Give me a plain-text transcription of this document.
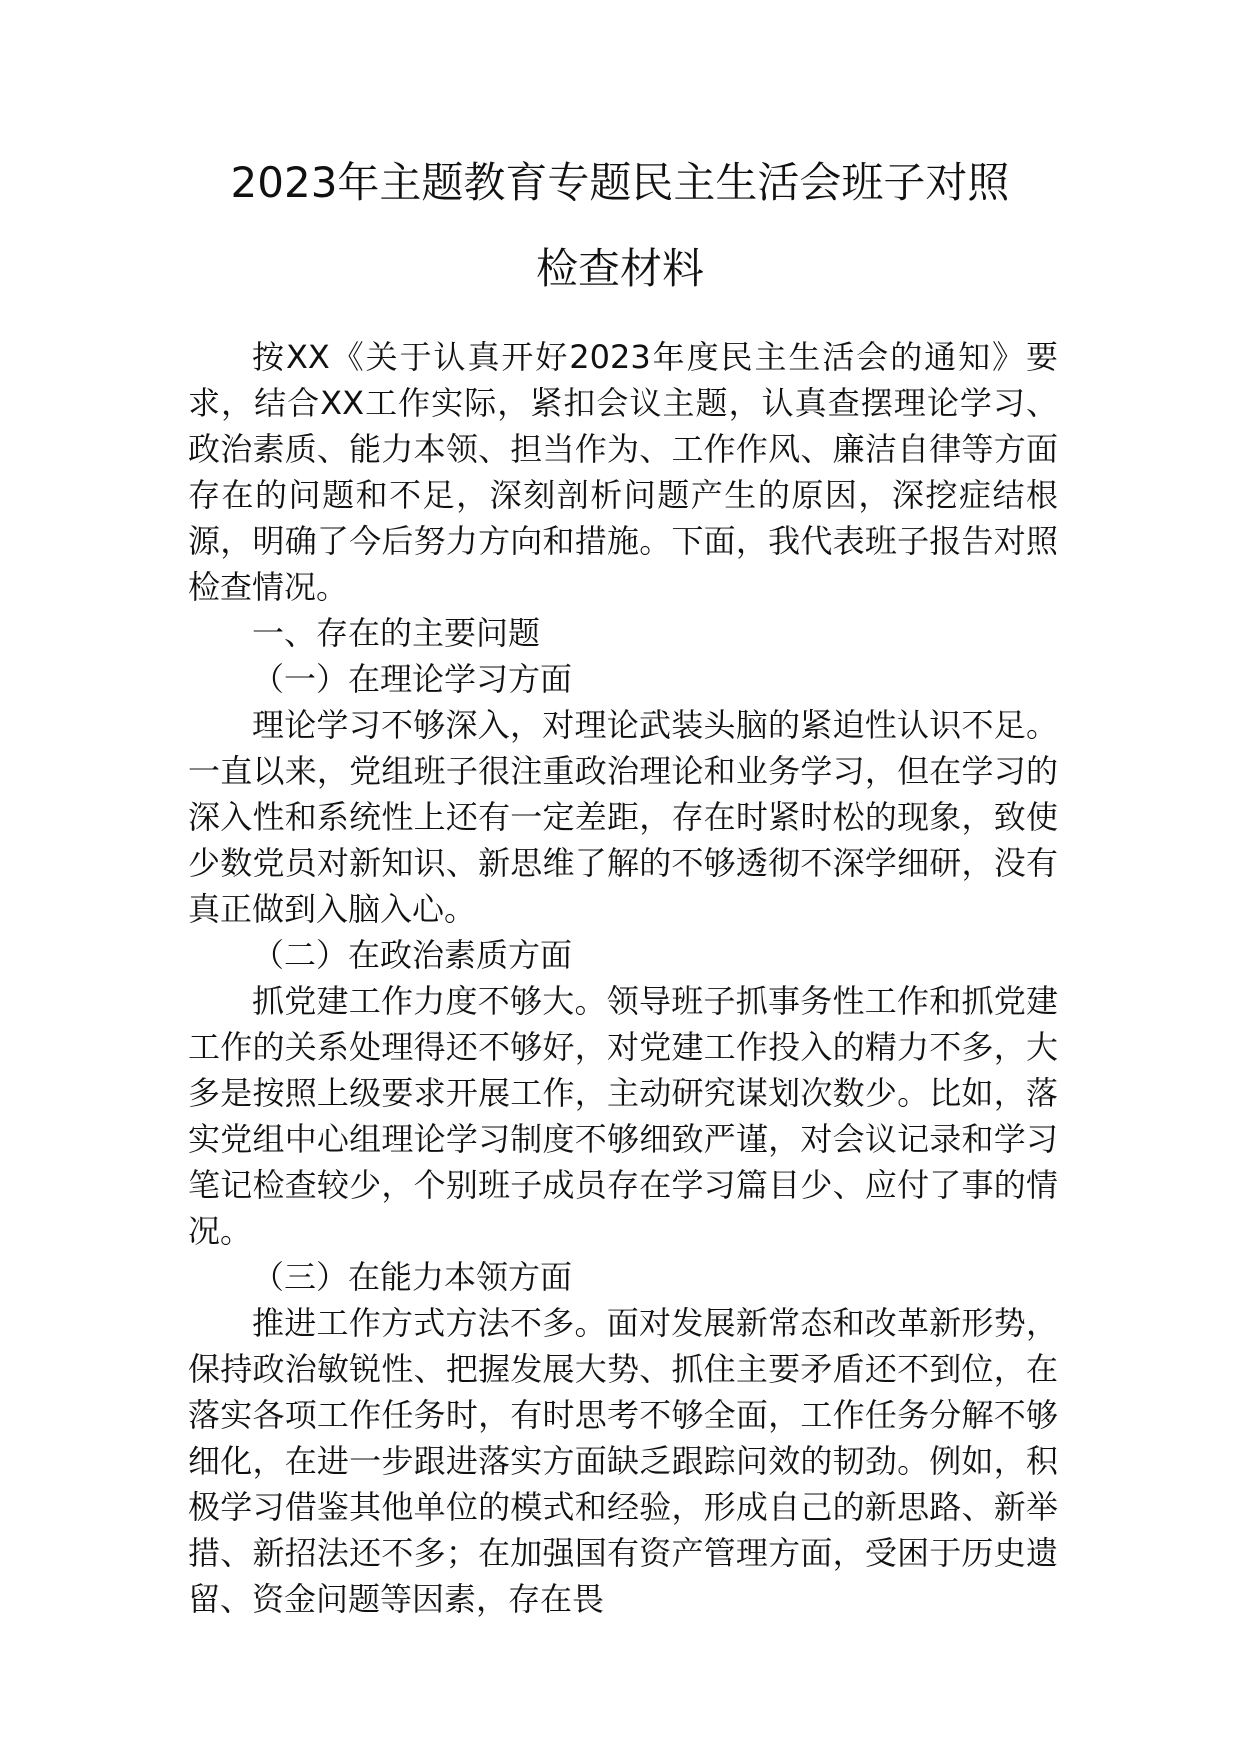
2023年主题教育专题民主生活会班子对照
检查材料

按XX《关于认真开好2023年度民主生活会的通知》要求，结合XX工作实际，紧扣会议主题，认真查摆理论学习、政治素质、能力本领、担当作为、工作作风、廉洁自律等方面存在的问题和不足，深刻剖析问题产生的原因，深挖症结根源，明确了今后努力方向和措施。下面，我代表班子报告对照检查情况。

一、存在的主要问题

（一）在理论学习方面

理论学习不够深入，对理论武装头脑的紧迫性认识不足。一直以来，党组班子很注重政治理论和业务学习，但在学习的深入性和系统性上还有一定差距，存在时紧时松的现象，致使少数党员对新知识、新思维了解的不够透彻不深学细研，没有真正做到入脑入心。

（二）在政治素质方面

抓党建工作力度不够大。领导班子抓事务性工作和抓党建工作的关系处理得还不够好，对党建工作投入的精力不多，大多是按照上级要求开展工作，主动研究谋划次数少。比如，落实党组中心组理论学习制度不够细致严谨，对会议记录和学习笔记检查较少，个别班子成员存在学习篇目少、应付了事的情况。

（三）在能力本领方面

推进工作方式方法不多。面对发展新常态和改革新形势，保持政治敏锐性、把握发展大势、抓住主要矛盾还不到位，在落实各项工作任务时，有时思考不够全面，工作任务分解不够细化，在进一步跟进落实方面缺乏跟踪问效的韧劲。例如，积极学习借鉴其他单位的模式和经验，形成自己的新思路、新举措、新招法还不多；在加强国有资产管理方面，受困于历史遗留、资金问题等因素，存在畏
